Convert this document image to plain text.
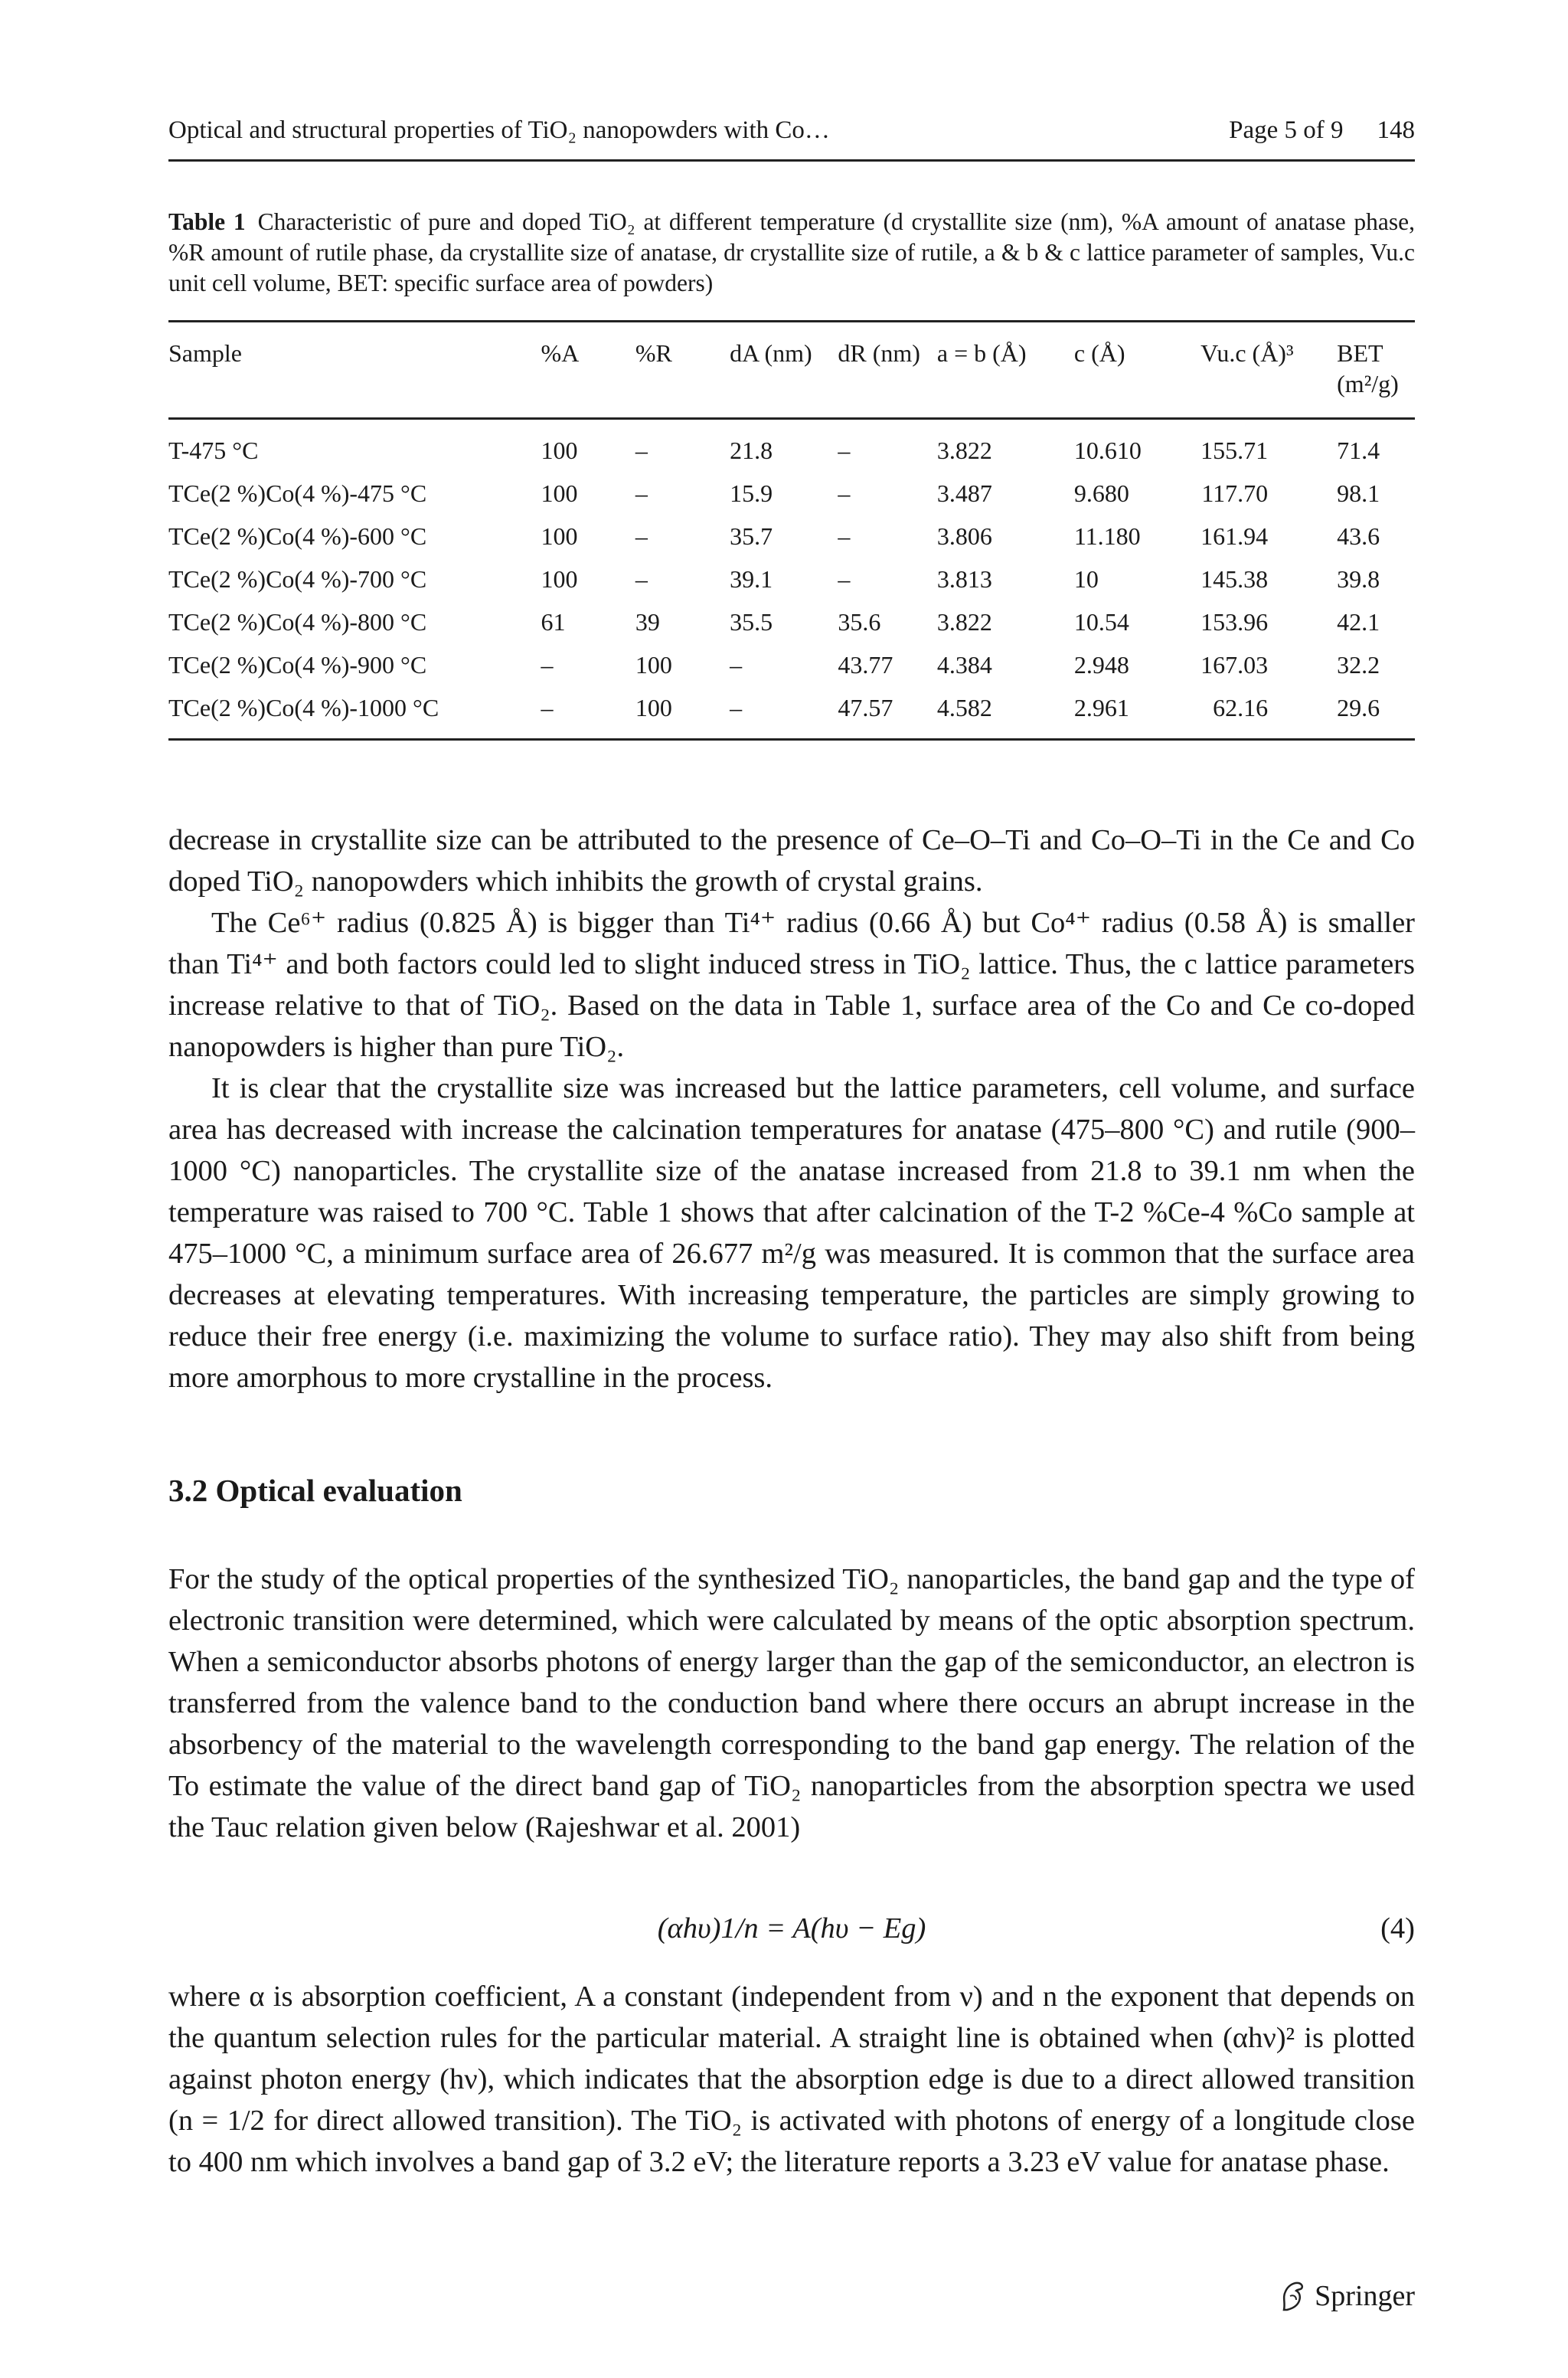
Optical and structural properties of TiO₂ nanopowders with Co…	Page 5 of 9 148
Table 1 Characteristic of pure and doped TiO₂ at different temperature (d crystallite size (nm), %A amount of anatase phase, %R amount of rutile phase, da crystallite size of anatase, dr crystallite size of rutile, a & b & c lattice parameter of samples, Vu.c unit cell volume, BET: specific surface area of powders)
Sample	%A	%R	dA (nm)	dR (nm)	a = b (Å)	c (Å)	Vu.c (Å)³	BET (m²/g)
T-475 °C	100	–	21.8	–	3.822	10.610	155.71	71.4
TCe(2 %)Co(4 %)-475 °C	100	–	15.9	–	3.487	9.680	117.70	98.1
TCe(2 %)Co(4 %)-600 °C	100	–	35.7	–	3.806	11.180	161.94	43.6
TCe(2 %)Co(4 %)-700 °C	100	–	39.1	–	3.813	10	145.38	39.8
TCe(2 %)Co(4 %)-800 °C	61	39	35.5	35.6	3.822	10.54	153.96	42.1
TCe(2 %)Co(4 %)-900 °C	–	100	–	43.77	4.384	2.948	167.03	32.2
TCe(2 %)Co(4 %)-1000 °C	–	100	–	47.57	4.582	2.961	62.16	29.6

decrease in crystallite size can be attributed to the presence of Ce–O–Ti and Co–O–Ti in the Ce and Co doped TiO₂ nanopowders which inhibits the growth of crystal grains.

The Ce⁶⁺ radius (0.825 Å) is bigger than Ti⁴⁺ radius (0.66 Å) but Co⁴⁺ radius (0.58 Å) is smaller than Ti⁴⁺ and both factors could led to slight induced stress in TiO₂ lattice. Thus, the c lattice parameters increase relative to that of TiO₂. Based on the data in Table 1, surface area of the Co and Ce co-doped nanopowders is higher than pure TiO₂.

It is clear that the crystallite size was increased but the lattice parameters, cell volume, and surface area has decreased with increase the calcination temperatures for anatase (475–800 °C) and rutile (900–1000 °C) nanoparticles. The crystallite size of the anatase increased from 21.8 to 39.1 nm when the temperature was raised to 700 °C. Table 1 shows that after calcination of the T-2 %Ce-4 %Co sample at 475–1000 °C, a minimum surface area of 26.677 m²/g was measured. It is common that the surface area decreases at elevating temperatures. With increasing temperature, the particles are simply growing to reduce their free energy (i.e. maximizing the volume to surface ratio). They may also shift from being more amorphous to more crystalline in the process.

3.2 Optical evaluation

For the study of the optical properties of the synthesized TiO₂ nanoparticles, the band gap and the type of electronic transition were determined, which were calculated by means of the optic absorption spectrum. When a semiconductor absorbs photons of energy larger than the gap of the semiconductor, an electron is transferred from the valence band to the conduction band where there occurs an abrupt increase in the absorbency of the material to the wavelength corresponding to the band gap energy. The relation of the To estimate the value of the direct band gap of TiO₂ nanoparticles from the absorption spectra we used the Tauc relation given below (Rajeshwar et al. 2001)

(αhυ)1/n = A(hυ − Eg)	(4)

where α is absorption coefficient, A a constant (independent from ν) and n the exponent that depends on the quantum selection rules for the particular material. A straight line is obtained when (αhν)² is plotted against photon energy (hν), which indicates that the absorption edge is due to a direct allowed transition (n = 1/2 for direct allowed transition). The TiO₂ is activated with photons of energy of a longitude close to 400 nm which involves a band gap of 3.2 eV; the literature reports a 3.23 eV value for anatase phase.

Springer
